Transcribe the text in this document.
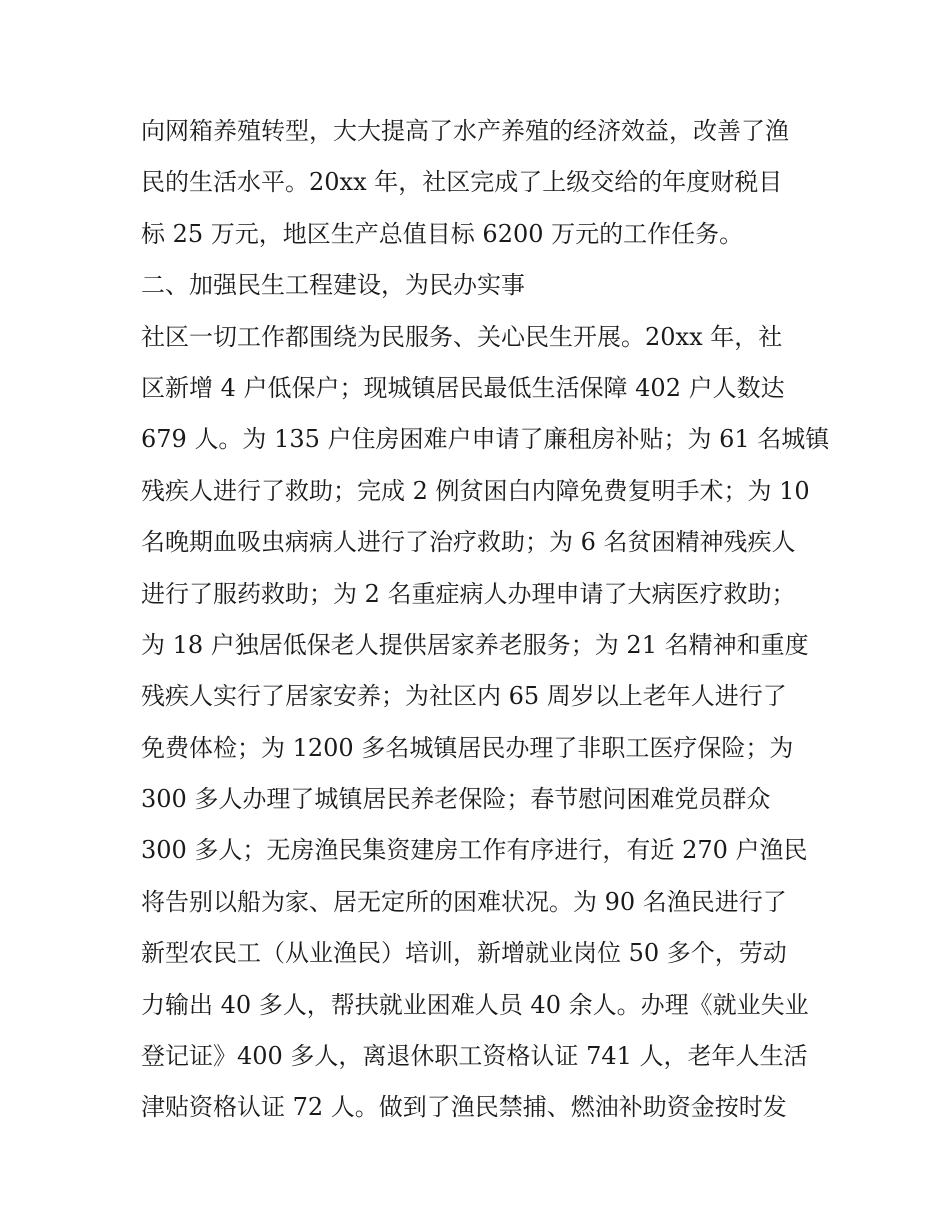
向网箱养殖转型，大大提高了水产养殖的经济效益，改善了渔
民的生活水平。20xx 年，社区完成了上级交给的年度财税目
标 25 万元，地区生产总值目标 6200 万元的工作任务。
二、加强民生工程建设，为民办实事
社区一切工作都围绕为民服务、关心民生开展。20xx 年，社
区新增 4 户低保户；现城镇居民最低生活保障 402 户人数达
679 人。为 135 户住房困难户申请了廉租房补贴；为 61 名城镇
残疾人进行了救助；完成 2 例贫困白内障免费复明手术；为 10
名晚期血吸虫病病人进行了治疗救助；为 6 名贫困精神残疾人
进行了服药救助；为 2 名重症病人办理申请了大病医疗救助；
为 18 户独居低保老人提供居家养老服务；为 21 名精神和重度
残疾人实行了居家安养；为社区内 65 周岁以上老年人进行了
免费体检；为 1200 多名城镇居民办理了非职工医疗保险；为
300 多人办理了城镇居民养老保险；春节慰问困难党员群众
300 多人；无房渔民集资建房工作有序进行，有近 270 户渔民
将告别以船为家、居无定所的困难状况。为 90 名渔民进行了
新型农民工（从业渔民）培训，新增就业岗位 50 多个，劳动
力输出 40 多人，帮扶就业困难人员 40 余人。办理《就业失业
登记证》400 多人，离退休职工资格认证 741 人，老年人生活
津贴资格认证 72 人。做到了渔民禁捕、燃油补助资金按时发
